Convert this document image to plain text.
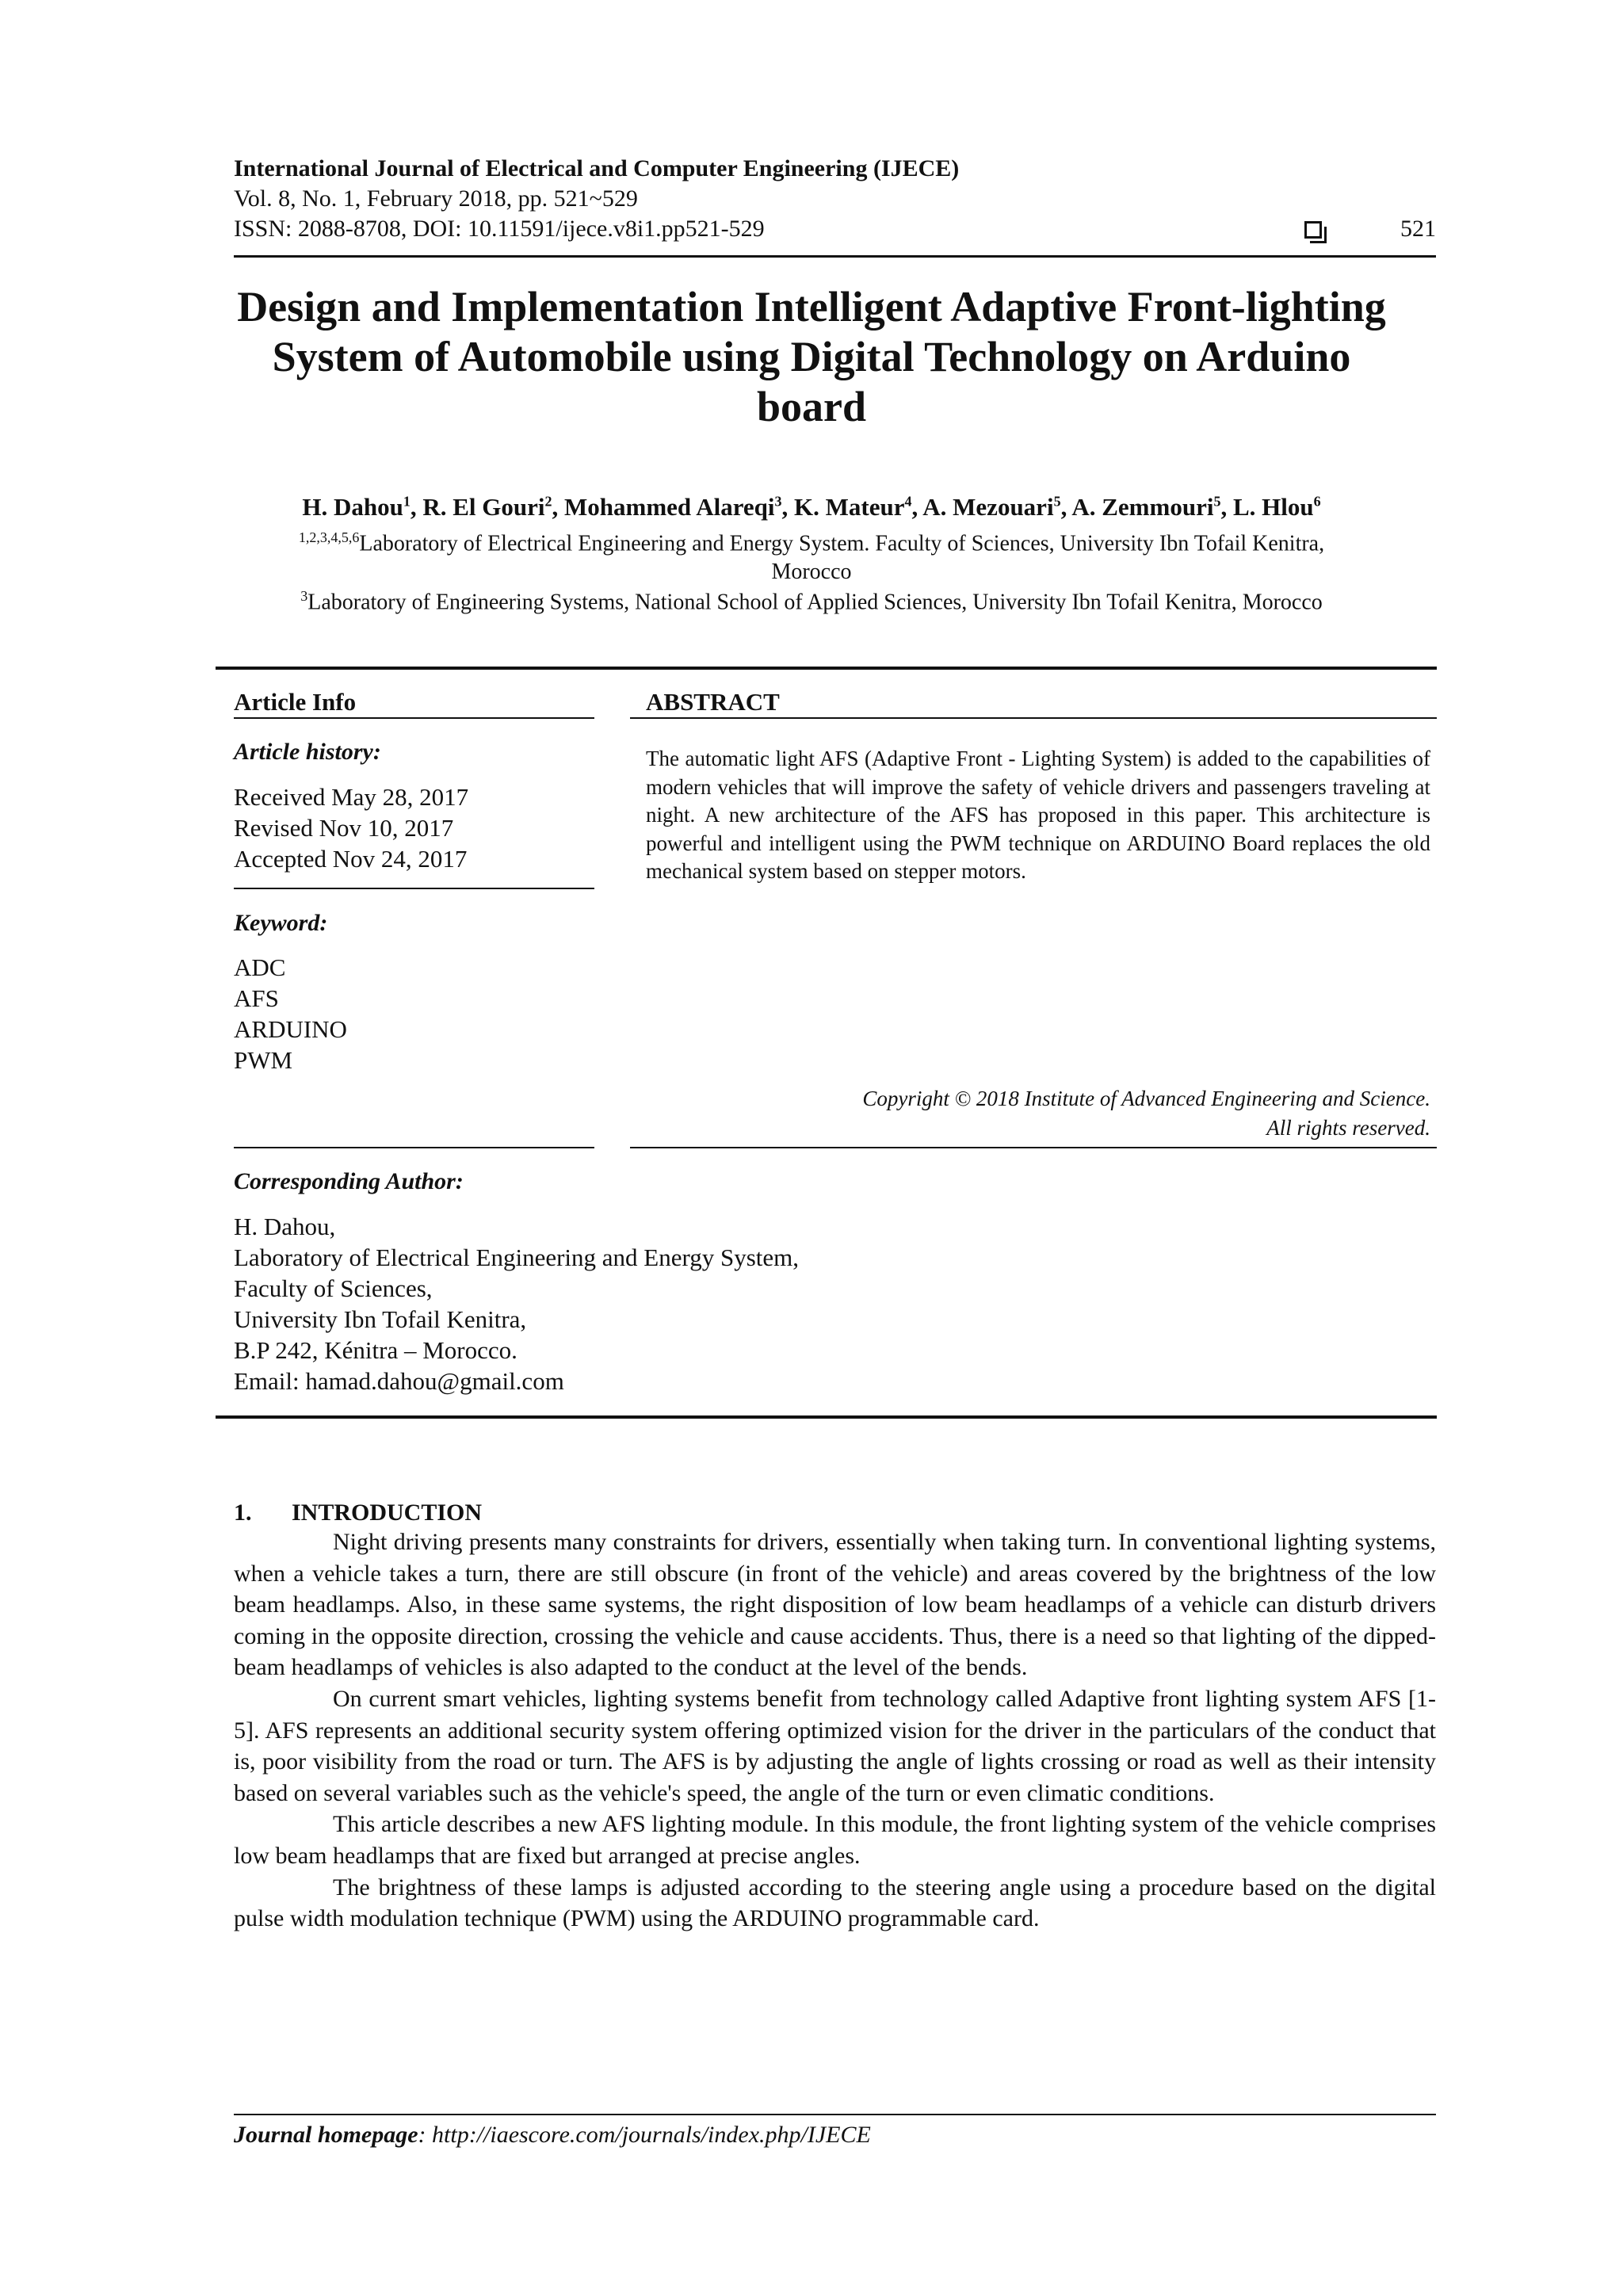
International Journal of Electrical and Computer Engineering (IJECE)
Vol. 8, No. 1, February 2018, pp. 521~529
ISSN: 2088-8708, DOI: 10.11591/ijece.v8i1.pp521-529	521
Design and Implementation Intelligent Adaptive Front-lighting
System of Automobile using Digital Technology on Arduino
board
H. Dahou$^1$, R. El Gouri$^2$, Mohammed Alareqi$^3$, K. Mateur$^4$, A. Mezouari$^5$, A. Zemmouri$^5$, L. Hlou$^6$
$^{1,2,3,4,5,6}$Laboratory of Electrical Engineering and Energy System. Faculty of Sciences, University Ibn Tofail Kenitra,
Morocco
$^3$Laboratory of Engineering Systems, National School of Applied Sciences, University Ibn Tofail Kenitra, Morocco
Article Info
Article history:
Received May 28, 2017
Revised Nov 10, 2017
Accepted Nov 24, 2017
Keyword:
ADC
AFS
ARDUINO
PWM
ABSTRACT
The automatic light AFS (Adaptive Front - Lighting System) is added to the capabilities of modern vehicles that will improve the safety of vehicle drivers and passengers traveling at night. A new architecture of the AFS has proposed in this paper. This architecture is powerful and intelligent using the PWM technique on ARDUINO Board replaces the old mechanical system based on stepper motors.
Copyright © 2018 Institute of Advanced Engineering and Science.
All rights reserved.
Corresponding Author:
H. Dahou,
Laboratory of Electrical Engineering and Energy System,
Faculty of Sciences,
University Ibn Tofail Kenitra,
B.P 242, Kénitra – Morocco.
Email: hamad.dahou@gmail.com
1. INTRODUCTION

Night driving presents many constraints for drivers, essentially when taking turn. In conventional lighting systems, when a vehicle takes a turn, there are still obscure (in front of the vehicle) and areas covered by the brightness of the low beam headlamps. Also, in these same systems, the right disposition of low beam headlamps of a vehicle can disturb drivers coming in the opposite direction, crossing the vehicle and cause accidents. Thus, there is a need so that lighting of the dipped-beam headlamps of vehicles is also adapted to the conduct at the level of the bends.

On current smart vehicles, lighting systems benefit from technology called Adaptive front lighting system AFS [1-5]. AFS represents an additional security system offering optimized vision for the driver in the particulars of the conduct that is, poor visibility from the road or turn. The AFS is by adjusting the angle of lights crossing or road as well as their intensity based on several variables such as the vehicle's speed, the angle of the turn or even climatic conditions.

This article describes a new AFS lighting module. In this module, the front lighting system of the vehicle comprises low beam headlamps that are fixed but arranged at precise angles.

The brightness of these lamps is adjusted according to the steering angle using a procedure based on the digital pulse width modulation technique (PWM) using the ARDUINO programmable card.

Journal homepage: http://iaescore.com/journals/index.php/IJECE
